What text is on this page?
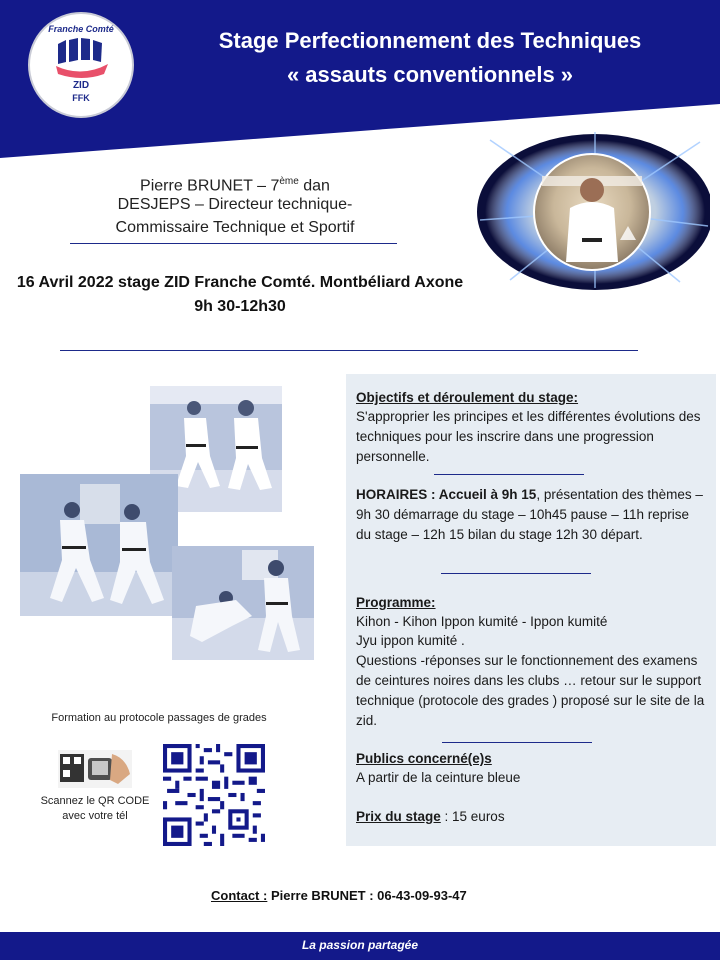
Franche Comté
ZID
FFK
Stage Perfectionnement des Techniques
« assauts conventionnels »
Pierre BRUNET – 7ème dan
DESJEPS – Directeur technique-
Commissaire Technique et Sportif
16 Avril 2022 stage ZID Franche Comté. Montbéliard Axone
9h 30-12h30
Formation au protocole passages de grades
Scannez le QR CODE
avec votre tél
Objectifs et déroulement du stage:
S'approprier les principes et les différentes évolutions des techniques pour les inscrire dans une progression personnelle.
HORAIRES : Accueil à 9h 15, présentation des thèmes – 9h 30 démarrage du stage – 10h45 pause – 11h reprise du stage – 12h 15 bilan du stage 12h 30 départ.
Programme:
Kihon - Kihon Ippon kumité - Ippon kumité
Jyu ippon kumité .
Questions -réponses sur le fonctionnement des examens de ceintures noires dans les clubs … retour sur le support technique (protocole des grades ) proposé sur le site de la zid.
Publics concerné(e)s
A partir de la ceinture bleue
Prix du stage : 15 euros
Contact : Pierre BRUNET : 06-43-09-93-47
La passion partagée
